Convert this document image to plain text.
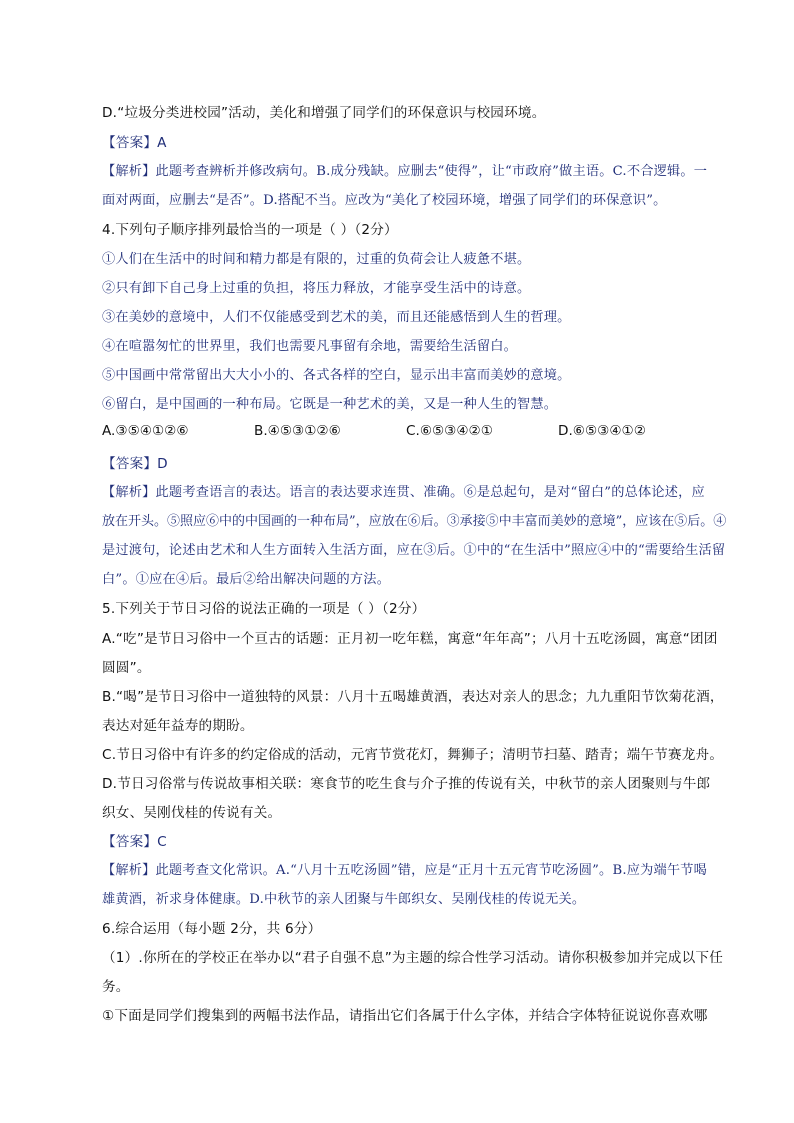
D.“垃圾分类进校园”活动，美化和增强了同学们的环保意识与校园环境。
【答案】A
【解析】此题考查辨析并修改病句。B.成分残缺。应删去“使得”，让“市政府”做主语。C.不合逻辑。一
面对两面，应删去“是否”。D.搭配不当。应改为“美化了校园环境，增强了同学们的环保意识”。
4.下列句子顺序排列最恰当的一项是（ ）（2分）
①人们在生活中的时间和精力都是有限的，过重的负荷会让人疲惫不堪。
②只有卸下自己身上过重的负担，将压力释放，才能享受生活中的诗意。
③在美妙的意境中，人们不仅能感受到艺术的美，而且还能感悟到人生的哲理。
④在喧嚣匆忙的世界里，我们也需要凡事留有余地，需要给生活留白。
⑤中国画中常常留出大大小小的、各式各样的空白，显示出丰富而美妙的意境。
⑥留白，是中国画的一种布局。它既是一种艺术的美，又是一种人生的智慧。
A.③⑤④①②⑥	B.④⑤③①②⑥	C.⑥⑤③④②①	D.⑥⑤③④①②
【答案】D
【解析】此题考查语言的表达。语言的表达要求连贯、准确。⑥是总起句，是对“留白”的总体论述，应
放在开头。⑤照应⑥中的中国画的一种布局”，应放在⑥后。③承接⑤中丰富而美妙的意境”，应该在⑤后。④
是过渡句，论述由艺术和人生方面转入生活方面，应在③后。①中的“在生活中”照应④中的“需要给生活留
白”。①应在④后。最后②给出解决问题的方法。
5.下列关于节日习俗的说法正确的一项是（ ）（2分）
A.“吃”是节日习俗中一个亘古的话题：正月初一吃年糕，寓意“年年高”；八月十五吃汤圆，寓意“团团
圆圆”。
B.“喝”是节日习俗中一道独特的风景：八月十五喝雄黄酒，表达对亲人的思念；九九重阳节饮菊花酒，
表达对延年益寿的期盼。
C.节日习俗中有许多的约定俗成的活动，元宵节赏花灯，舞狮子；清明节扫墓、踏青；端午节赛龙舟。
D.节日习俗常与传说故事相关联：寒食节的吃生食与介子推的传说有关，中秋节的亲人团聚则与牛郎
织女、吴刚伐桂的传说有关。
【答案】C
【解析】此题考查文化常识。A.“八月十五吃汤圆”错，应是“正月十五元宵节吃汤圆”。B.应为端午节喝
雄黄酒，祈求身体健康。D.中秋节的亲人团聚与牛郎织女、吴刚伐桂的传说无关。
6.综合运用（每小题 2分，共 6分）
（1）.你所在的学校正在举办以“君子自强不息”为主题的综合性学习活动。请你积极参加并完成以下任
务。
①下面是同学们搜集到的两幅书法作品，请指出它们各属于什么字体，并结合字体特征说说你喜欢哪
